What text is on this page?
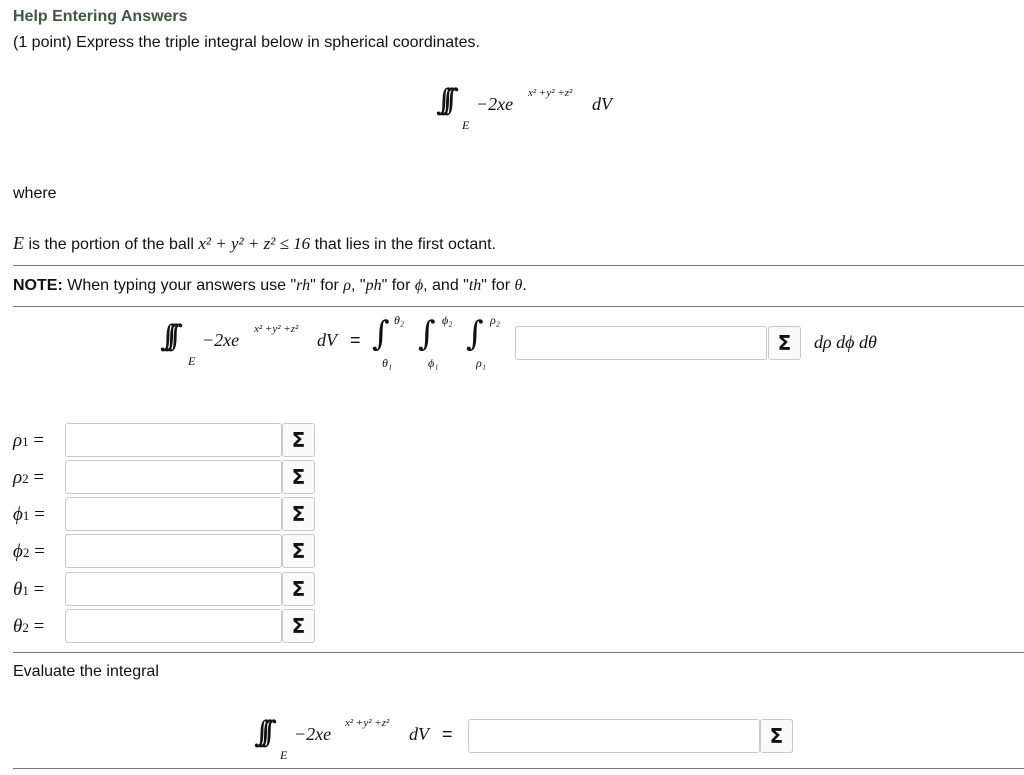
Help Entering Answers
(1 point) Express the triple integral below in spherical coordinates.
∫∫∫
E
−2xe
x² +y² +z²
dV
where
E is the portion of the ball x² + y² + z² ≤ 16 that lies in the first octant.
NOTE: When typing your answers use "rh" for ρ, "ph" for ϕ, and "th" for θ.
∫∫∫
E
−2xe
x² +y² +z²
dV = ∫ θ₂
θ₁
∫ ϕ₂
ϕ₁
∫ ρ₂
ρ₁
Σ	dρ dϕ dθ
ρ1 =	Σ
ρ2 =	Σ
ϕ1 =	Σ
ϕ2 =	Σ
θ1 =	Σ
θ2 =	Σ
Evaluate the integral
∫∫∫
E
−2xe
x² +y² +z²
dV =	Σ
